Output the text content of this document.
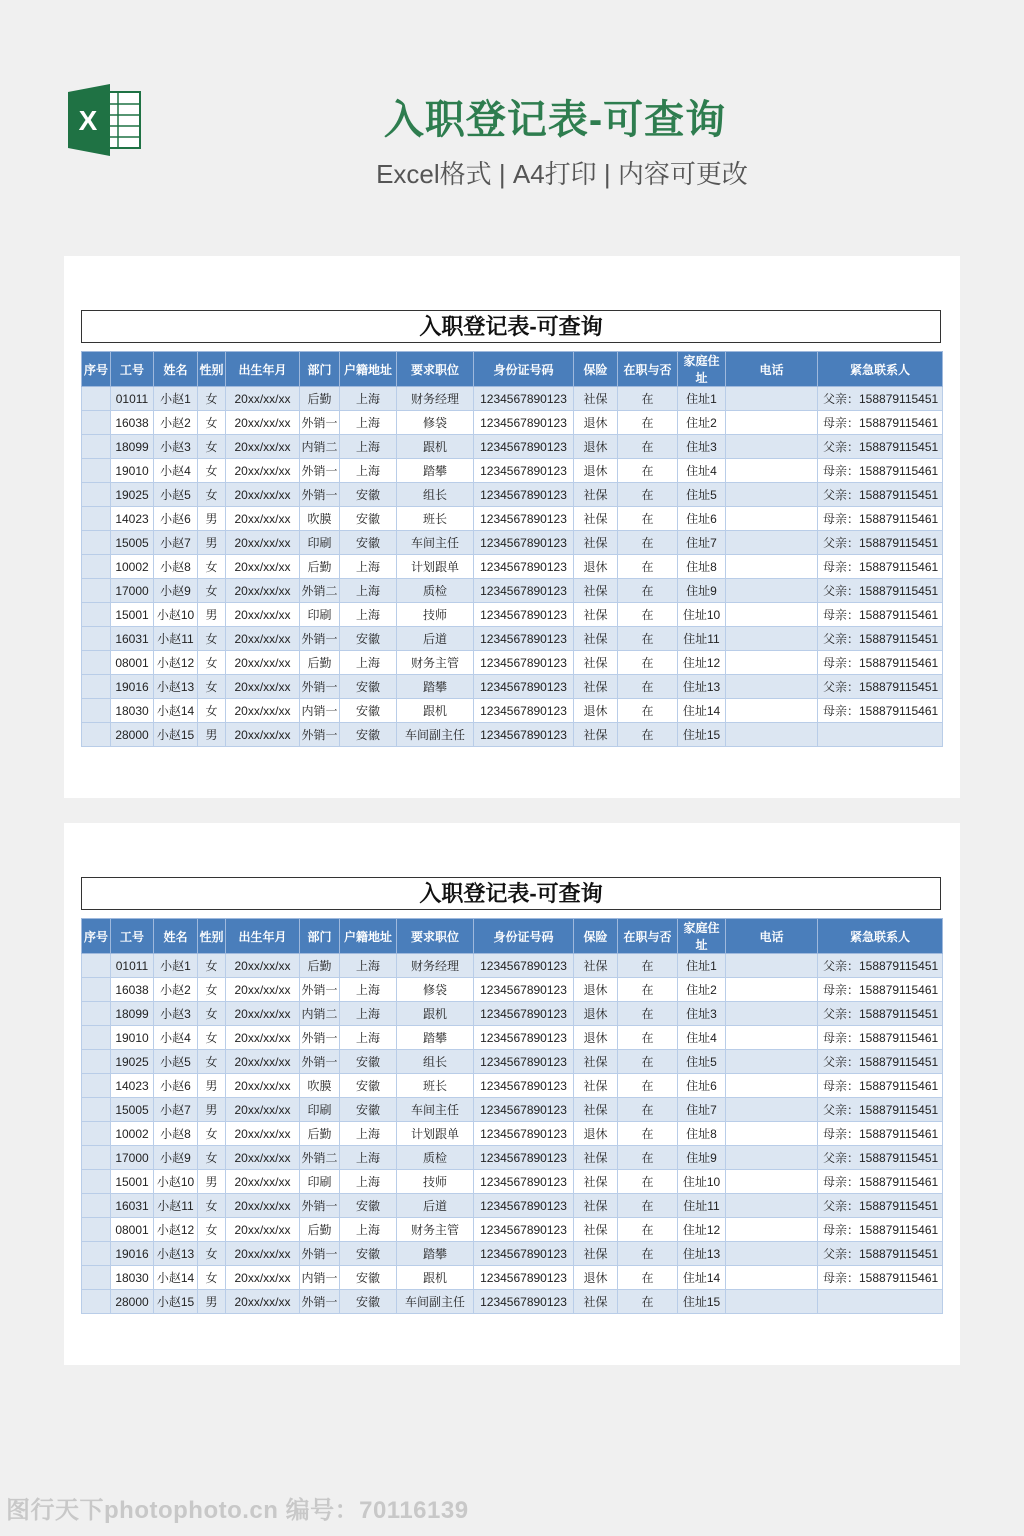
X	入职登记表-可查询
Excel格式 | A4打印 | 内容可更改
入职登记表-可查询
序号	工号	姓名	性别	出生年月	部门	户籍地址	要求职位	身份证号码	保险	在职与否	家庭住址	电话	紧急联系人
	01011	小赵1	女	20xx/xx/xx	后勤	上海	财务经理	1234567890123	社保	在	住址1		父亲：158879115451
	16038	小赵2	女	20xx/xx/xx	外销一	上海	修袋	1234567890123	退休	在	住址2		母亲：158879115461
	18099	小赵3	女	20xx/xx/xx	内销二	上海	跟机	1234567890123	退休	在	住址3		父亲：158879115451
	19010	小赵4	女	20xx/xx/xx	外销一	上海	踏攀	1234567890123	退休	在	住址4		母亲：158879115461
	19025	小赵5	女	20xx/xx/xx	外销一	安徽	组长	1234567890123	社保	在	住址5		父亲：158879115451
	14023	小赵6	男	20xx/xx/xx	吹膜	安徽	班长	1234567890123	社保	在	住址6		母亲：158879115461
	15005	小赵7	男	20xx/xx/xx	印刷	安徽	车间主任	1234567890123	社保	在	住址7		父亲：158879115451
	10002	小赵8	女	20xx/xx/xx	后勤	上海	计划跟单	1234567890123	退休	在	住址8		母亲：158879115461
	17000	小赵9	女	20xx/xx/xx	外销二	上海	质检	1234567890123	社保	在	住址9		父亲：158879115451
	15001	小赵10	男	20xx/xx/xx	印刷	上海	技师	1234567890123	社保	在	住址10		母亲：158879115461
	16031	小赵11	女	20xx/xx/xx	外销一	安徽	后道	1234567890123	社保	在	住址11		父亲：158879115451
	08001	小赵12	女	20xx/xx/xx	后勤	上海	财务主管	1234567890123	社保	在	住址12		母亲：158879115461
	19016	小赵13	女	20xx/xx/xx	外销一	安徽	踏攀	1234567890123	社保	在	住址13		父亲：158879115451
	18030	小赵14	女	20xx/xx/xx	内销一	安徽	跟机	1234567890123	退休	在	住址14		母亲：158879115461
	28000	小赵15	男	20xx/xx/xx	外销一	安徽	车间副主任	1234567890123	社保	在	住址15		
入职登记表-可查询
序号	工号	姓名	性别	出生年月	部门	户籍地址	要求职位	身份证号码	保险	在职与否	家庭住址	电话	紧急联系人
	01011	小赵1	女	20xx/xx/xx	后勤	上海	财务经理	1234567890123	社保	在	住址1		父亲：158879115451
	16038	小赵2	女	20xx/xx/xx	外销一	上海	修袋	1234567890123	退休	在	住址2		母亲：158879115461
	18099	小赵3	女	20xx/xx/xx	内销二	上海	跟机	1234567890123	退休	在	住址3		父亲：158879115451
	19010	小赵4	女	20xx/xx/xx	外销一	上海	踏攀	1234567890123	退休	在	住址4		母亲：158879115461
	19025	小赵5	女	20xx/xx/xx	外销一	安徽	组长	1234567890123	社保	在	住址5		父亲：158879115451
	14023	小赵6	男	20xx/xx/xx	吹膜	安徽	班长	1234567890123	社保	在	住址6		母亲：158879115461
	15005	小赵7	男	20xx/xx/xx	印刷	安徽	车间主任	1234567890123	社保	在	住址7		父亲：158879115451
	10002	小赵8	女	20xx/xx/xx	后勤	上海	计划跟单	1234567890123	退休	在	住址8		母亲：158879115461
	17000	小赵9	女	20xx/xx/xx	外销二	上海	质检	1234567890123	社保	在	住址9		父亲：158879115451
	15001	小赵10	男	20xx/xx/xx	印刷	上海	技师	1234567890123	社保	在	住址10		母亲：158879115461
	16031	小赵11	女	20xx/xx/xx	外销一	安徽	后道	1234567890123	社保	在	住址11		父亲：158879115451
	08001	小赵12	女	20xx/xx/xx	后勤	上海	财务主管	1234567890123	社保	在	住址12		母亲：158879115461
	19016	小赵13	女	20xx/xx/xx	外销一	安徽	踏攀	1234567890123	社保	在	住址13		父亲：158879115451
	18030	小赵14	女	20xx/xx/xx	内销一	安徽	跟机	1234567890123	退休	在	住址14		母亲：158879115461
	28000	小赵15	男	20xx/xx/xx	外销一	安徽	车间副主任	1234567890123	社保	在	住址15		
图行天下photophoto.cn 编号：70116139
